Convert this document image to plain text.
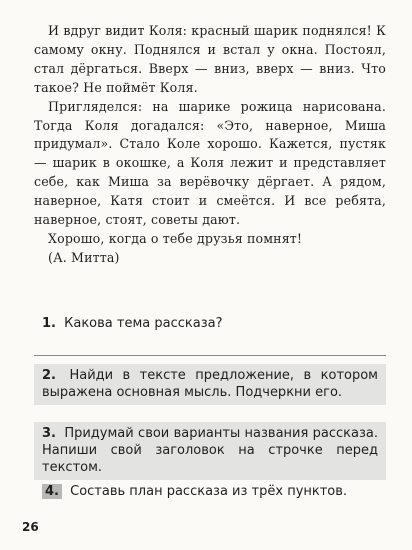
И вдруг видит Коля: красный шарик поднялся! К самому окну. Поднялся и встал у окна. Постоял, стал дёргаться. Вверх — вниз, вверх — вниз. Что такое? Не поймёт Коля.

Пригляделся: на шарике рожица нарисована. Тогда Коля догадался: «Это, наверное, Миша придумал». Стало Коле хорошо. Кажется, пустяк — шарик в окошке, а Коля лежит и представляет себе, как Миша за верёвочку дёргает. А рядом, наверное, Катя стоит и смеётся. И все ребята, наверное, стоят, советы дают.

Хорошо, когда о тебе друзья помнят!

(А. Митта)

1. Какова тема рассказа?
2. Найди в тексте предложение, в котором выражена основная мысль. Подчеркни его.
3. Придумай свои варианты названия рассказа. Напиши свой заголовок на строчке перед текстом.
4. Составь план рассказа из трёх пунктов.
26
